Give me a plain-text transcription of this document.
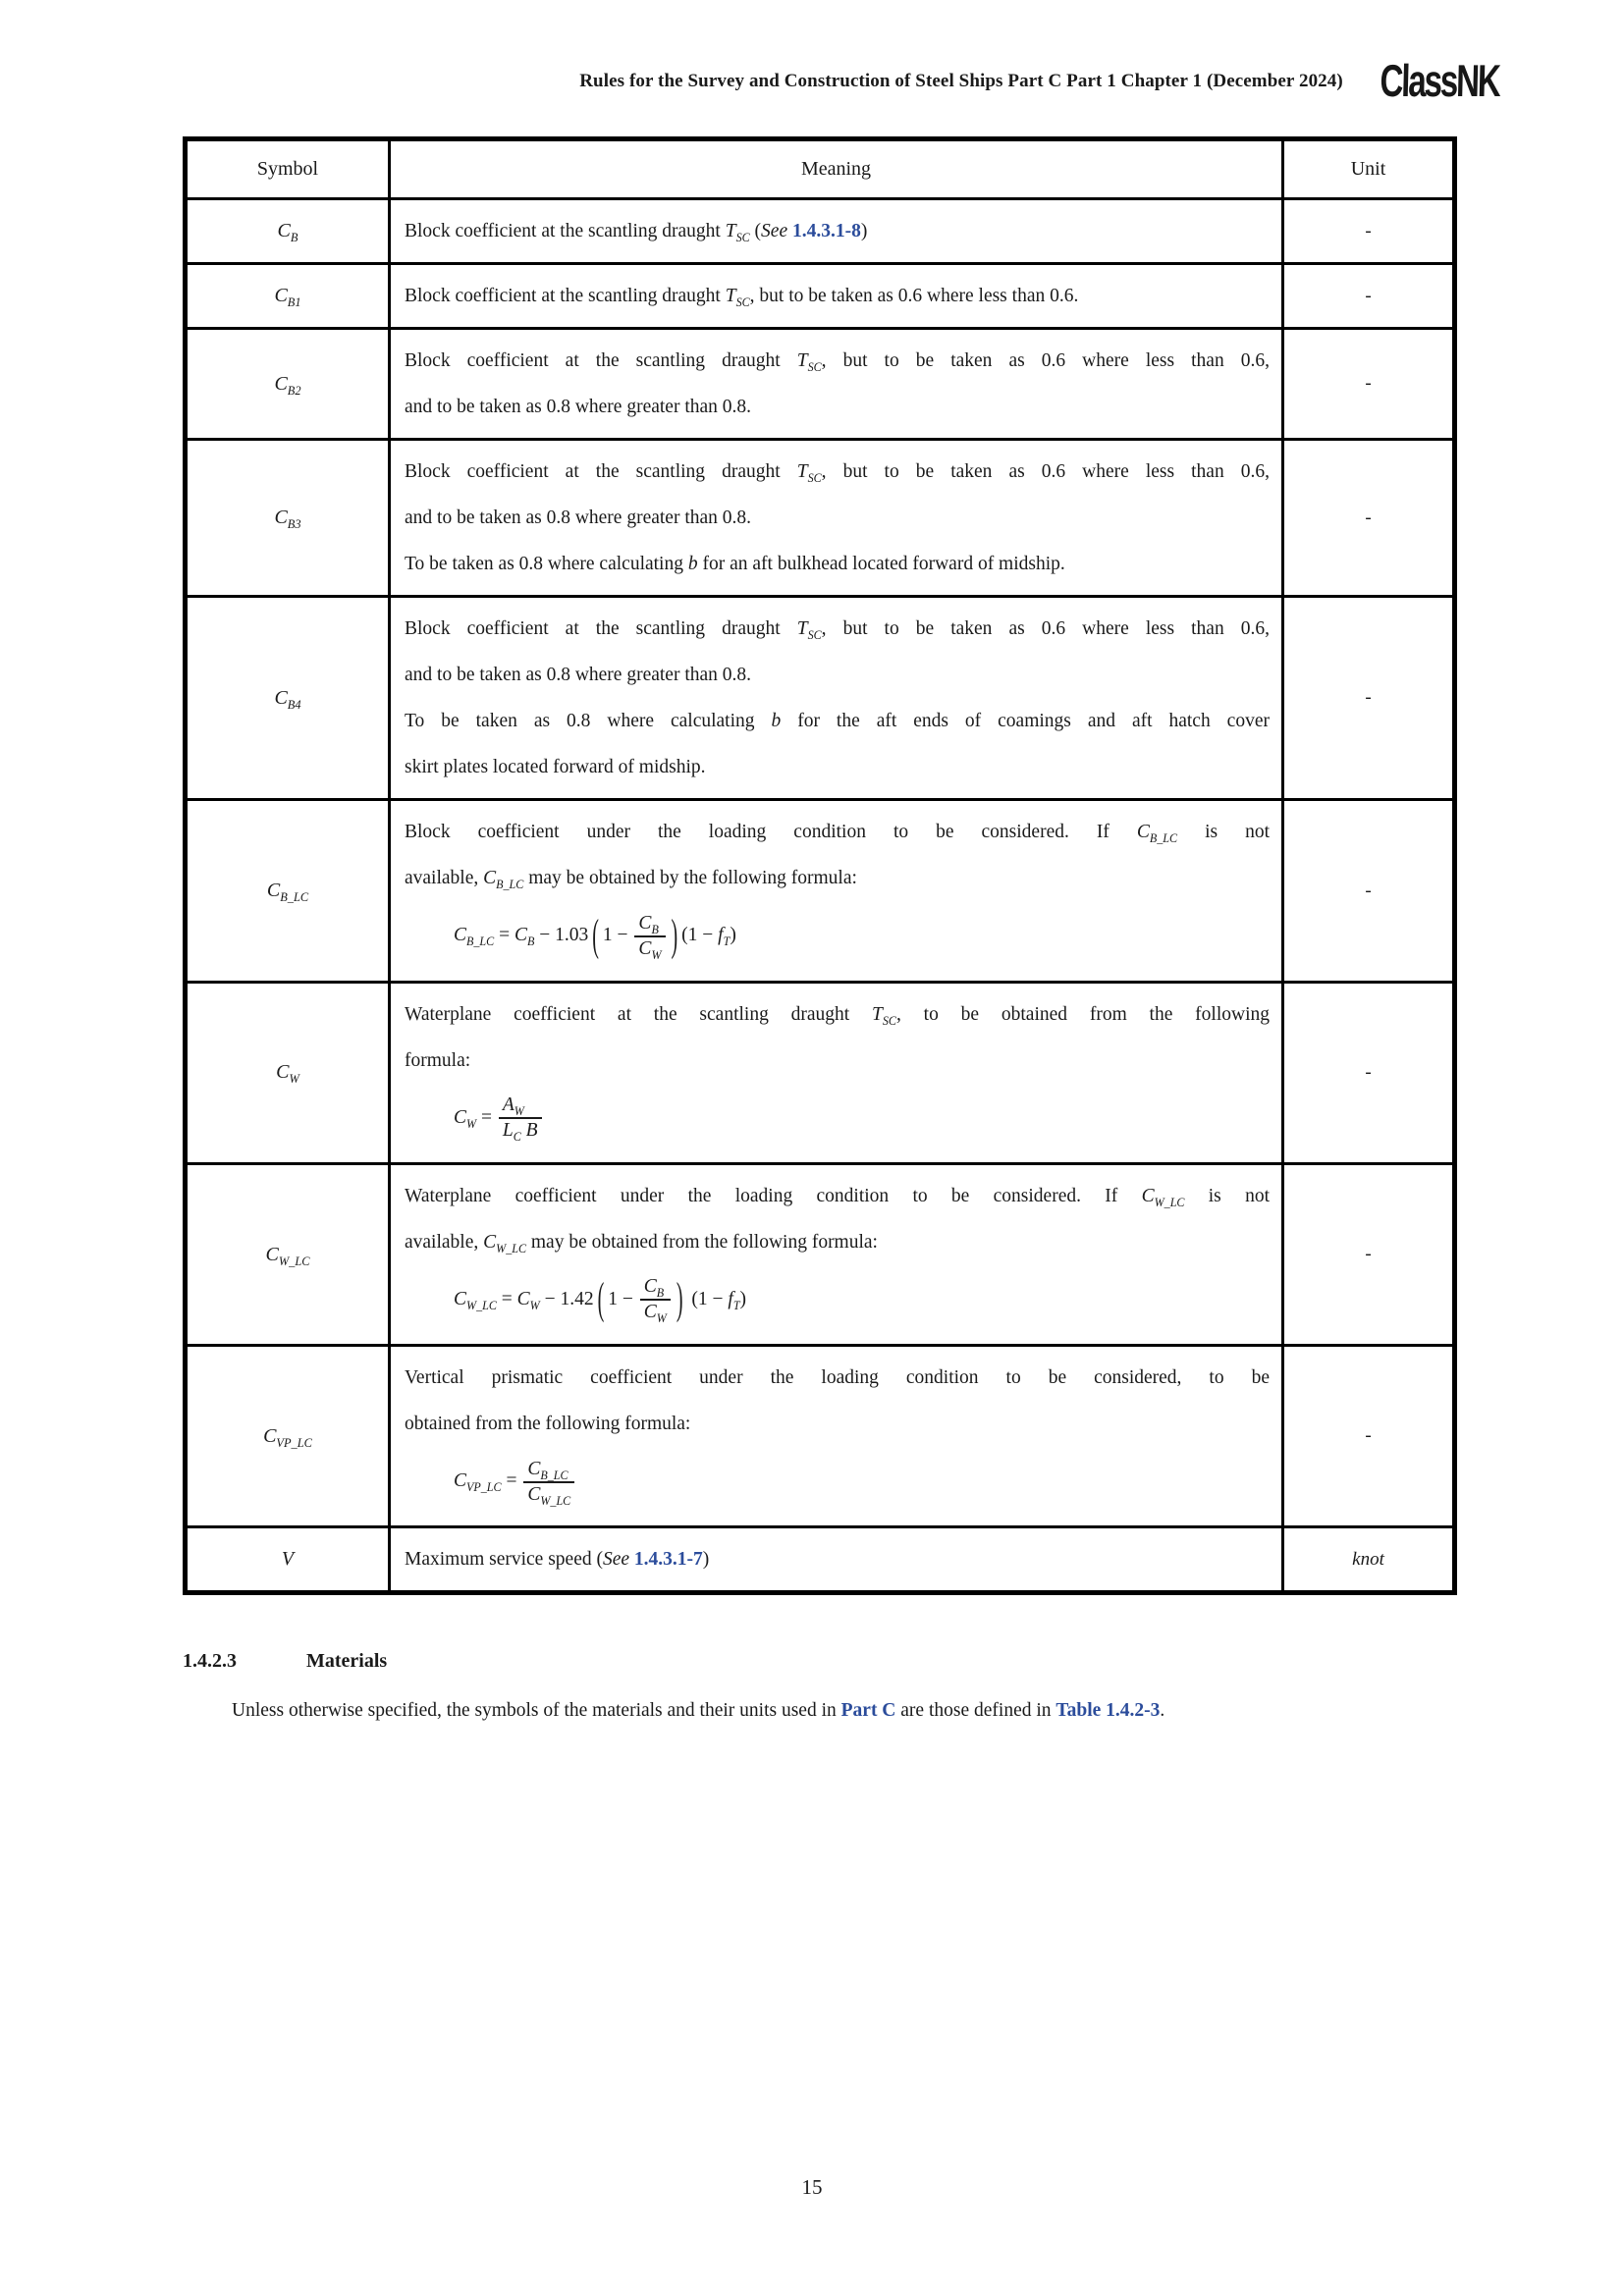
Rules for the Survey and Construction of Steel Ships Part C Part 1 Chapter 1 (December 2024) ClassNK
Symbol	Meaning	Unit
$C_B$	Block coefficient at the scantling draught $T_{SC}$ (See 1.4.3.1-8)	-
$C_{B1}$	Block coefficient at the scantling draught $T_{SC}$, but to be taken as 0.6 where less than 0.6.	-
$C_{B2}$	Block coefficient at the scantling draught $T_{SC}$, but to be taken as 0.6 where less than 0.6,
and to be taken as 0.8 where greater than 0.8.	-
$C_{B3}$	Block coefficient at the scantling draught $T_{SC}$, but to be taken as 0.6 where less than 0.6,
and to be taken as 0.8 where greater than 0.8.
To be taken as 0.8 where calculating b for an aft bulkhead located forward of midship.	-
$C_{B4}$	Block coefficient at the scantling draught $T_{SC}$, but to be taken as 0.6 where less than 0.6,
and to be taken as 0.8 where greater than 0.8.
To be taken as 0.8 where calculating b for the aft ends of coamings and aft hatch cover
skirt plates located forward of midship.	-
$C_{B\_LC}$	
Block coefficient under the loading condition to be considered. If $C_{B\_LC}$ is not
available, $C_{B\_LC}$ may be obtained by the following formula:
$C_{B\_LC} = C_B - 1.03$ ( $1 - \frac{C_B}{C_W}$ ) $(1 - f_T)$
	-
$C_W$	Waterplane coefficient at the scantling draught $T_{SC}$, to be obtained from the following
formula:
$C_W = \frac{A_W}{L_C B}$	-
$C_{W\_LC}$	
Waterplane coefficient under the loading condition to be considered. If $C_{W\_LC}$ is not
available, $C_{W\_LC}$ may be obtained from the following formula:
$C_{W\_LC} = C_W - 1.42$ ( $1 - \frac{C_B}{C_W}$ ) $(1 - f_T)$
	-
$C_{VP\_LC}$	Vertical prismatic coefficient under the loading condition to be considered, to be
obtained from the following formula:
$C_{VP\_LC} = \frac{C_{B\_LC}}{C_{W\_LC}}$	-
V	Maximum service speed (See 1.4.3.1-7)	knot
1.4.2.3	Materials

Unless otherwise specified, the symbols of the materials and their units used in Part C are those defined in Table 1.4.2-3.

15
